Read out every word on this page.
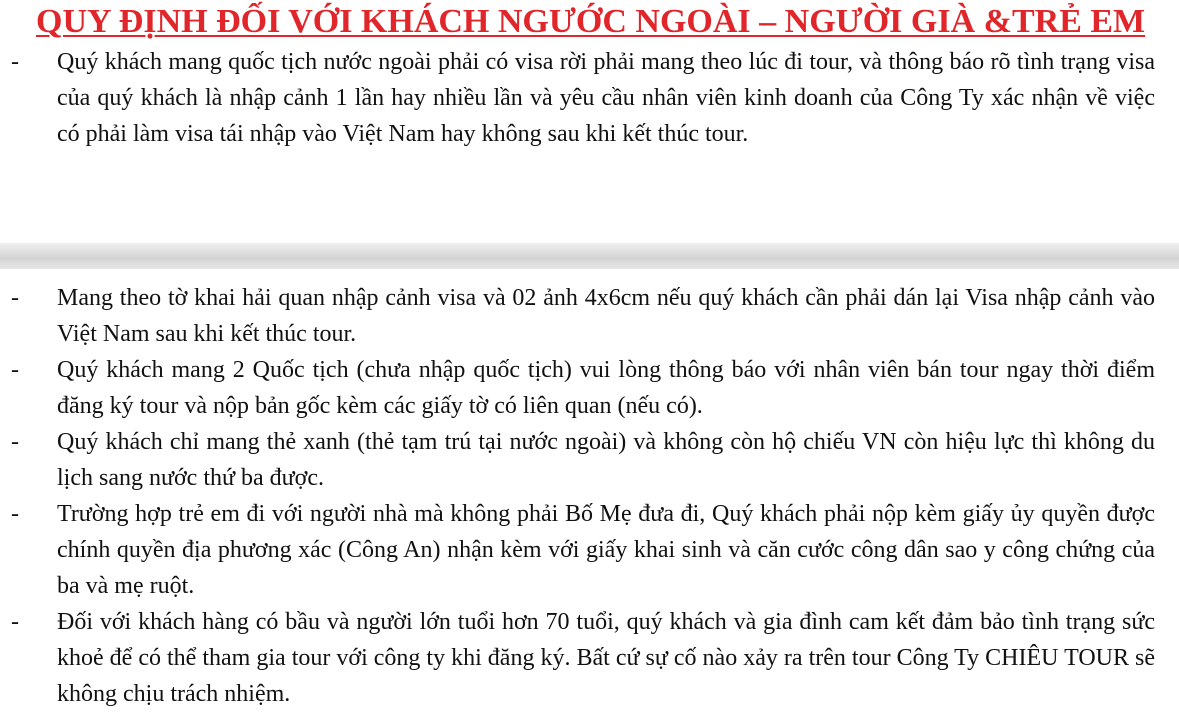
QUY ĐỊNH ĐỐI VỚI KHÁCH NGƯỚC NGOÀI – NGƯỜI GIÀ &TRẺ EM
- Quý khách mang quốc tịch nước ngoài phải có visa rời phải mang theo lúc đi tour, và thông báo rõ tình trạng visa của quý khách là nhập cảnh 1 lần hay nhiều lần và yêu cầu nhân viên kinh doanh của Công Ty xác nhận về việc có phải làm visa tái nhập vào Việt Nam hay không sau khi kết thúc tour.
- Mang theo tờ khai hải quan nhập cảnh visa và 02 ảnh 4x6cm nếu quý khách cần phải dán lại Visa nhập cảnh vào Việt Nam sau khi kết thúc tour.
- Quý khách mang 2 Quốc tịch (chưa nhập quốc tịch) vui lòng thông báo với nhân viên bán tour ngay thời điểm đăng ký tour và nộp bản gốc kèm các giấy tờ có liên quan (nếu có).
- Quý khách chỉ mang thẻ xanh (thẻ tạm trú tại nước ngoài) và không còn hộ chiếu VN còn hiệu lực thì không du lịch sang nước thứ ba được.
- Trường hợp trẻ em đi với người nhà mà không phải Bố Mẹ đưa đi, Quý khách phải nộp kèm giấy ủy quyền được chính quyền địa phương xác (Công An) nhận kèm với giấy khai sinh và căn cước công dân sao y công chứng của ba và mẹ ruột.
- Đối với khách hàng có bầu và người lớn tuổi hơn 70 tuổi, quý khách và gia đình cam kết đảm bảo tình trạng sức khoẻ để có thể tham gia tour với công ty khi đăng ký. Bất cứ sự cố nào xảy ra trên tour Công Ty CHIÊU TOUR sẽ không chịu trách nhiệm.
